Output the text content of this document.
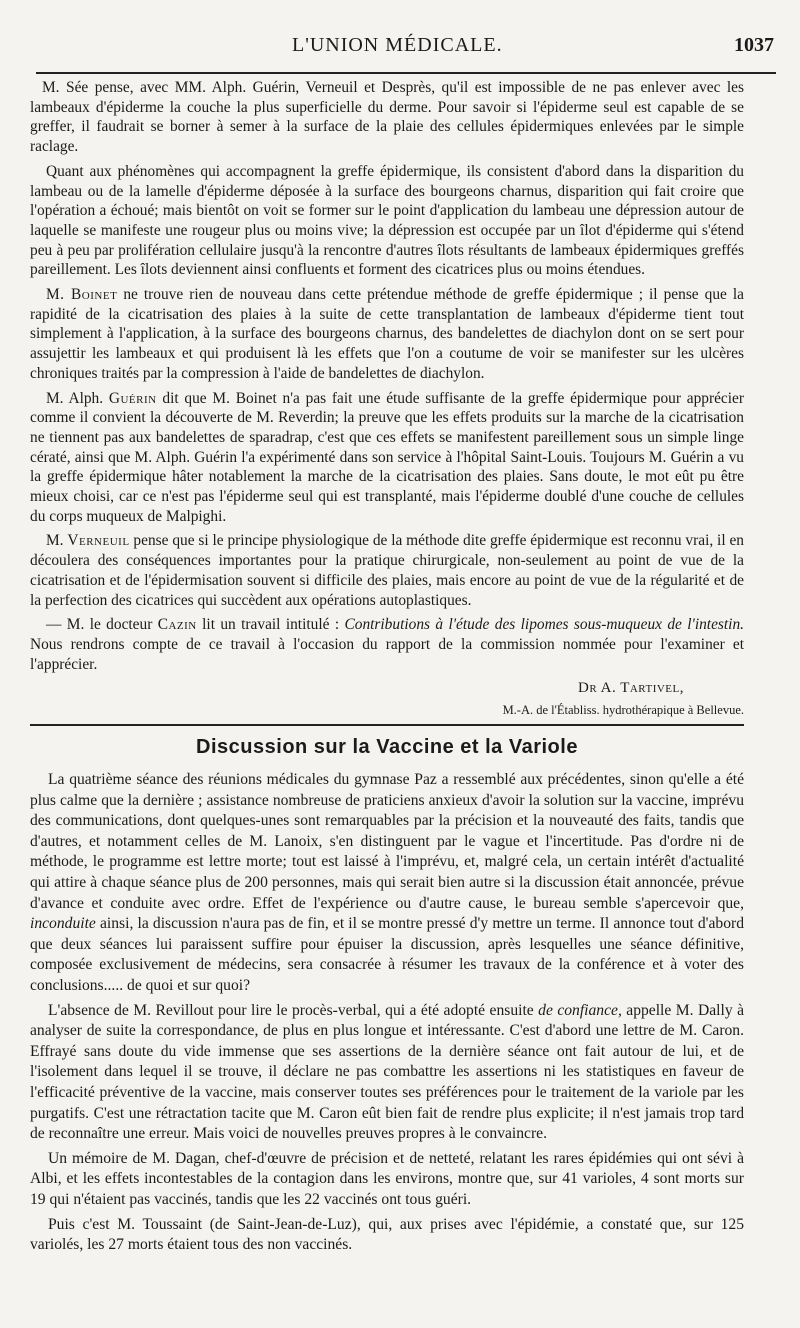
L'UNION MÉDICALE.	1037

M. Sée pense, avec MM. Alph. Guérin, Verneuil et Desprès, qu'il est impossible de ne pas enlever avec les lambeaux d'épiderme la couche la plus superficielle du derme. Pour savoir si l'épiderme seul est capable de se greffer, il faudrait se borner à semer à la surface de la plaie des cellules épidermiques enlevées par le simple raclage.

Quant aux phénomènes qui accompagnent la greffe épidermique, ils consistent d'abord dans la disparition du lambeau ou de la lamelle d'épiderme déposée à la surface des bourgeons charnus, disparition qui fait croire que l'opération a échoué; mais bientôt on voit se former sur le point d'application du lambeau une dépression autour de laquelle se manifeste une rougeur plus ou moins vive; la dépression est occupée par un îlot d'épiderme qui s'étend peu à peu par prolifération cellulaire jusqu'à la rencontre d'autres îlots résultants de lambeaux épidermiques greffés pareillement. Les îlots deviennent ainsi confluents et forment des cicatrices plus ou moins étendues.

M. Boinet ne trouve rien de nouveau dans cette prétendue méthode de greffe épidermique ; il pense que la rapidité de la cicatrisation des plaies à la suite de cette transplantation de lambeaux d'épiderme tient tout simplement à l'application, à la surface des bourgeons charnus, des bandelettes de diachylon dont on se sert pour assujettir les lambeaux et qui produisent là les effets que l'on a coutume de voir se manifester sur les ulcères chroniques traités par la compression à l'aide de bandelettes de diachylon.

M. Alph. Guérin dit que M. Boinet n'a pas fait une étude suffisante de la greffe épidermique pour apprécier comme il convient la découverte de M. Reverdin; la preuve que les effets produits sur la marche de la cicatrisation ne tiennent pas aux bandelettes de sparadrap, c'est que ces effets se manifestent pareillement sous un simple linge cératé, ainsi que M. Alph. Guérin l'a expérimenté dans son service à l'hôpital Saint-Louis. Toujours M. Guérin a vu la greffe épidermique hâter notablement la marche de la cicatrisation des plaies. Sans doute, le mot eût pu être mieux choisi, car ce n'est pas l'épiderme seul qui est transplanté, mais l'épiderme doublé d'une couche de cellules du corps muqueux de Malpighi.

M. Verneuil pense que si le principe physiologique de la méthode dite greffe épidermique est reconnu vrai, il en découlera des conséquences importantes pour la pratique chirurgicale, non-seulement au point de vue de la cicatrisation et de l'épidermisation souvent si difficile des plaies, mais encore au point de vue de la régularité et de la perfection des cicatrices qui succèdent aux opérations autoplastiques.

— M. le docteur Cazin lit un travail intitulé : Contributions à l'étude des lipomes sous-muqueux de l'intestin. Nous rendrons compte de ce travail à l'occasion du rapport de la commission nommée pour l'examiner et l'apprécier.

Dr A. Tartivel,

M.-A. de l'Établiss. hydrothérapique à Bellevue.

Discussion sur la Vaccine et la Variole

La quatrième séance des réunions médicales du gymnase Paz a ressemblé aux précédentes, sinon qu'elle a été plus calme que la dernière ; assistance nombreuse de praticiens anxieux d'avoir la solution sur la vaccine, imprévu des communications, dont quelques-unes sont remarquables par la précision et la nouveauté des faits, tandis que d'autres, et notamment celles de M. Lanoix, s'en distinguent par le vague et l'incertitude. Pas d'ordre ni de méthode, le programme est lettre morte; tout est laissé à l'imprévu, et, malgré cela, un certain intérêt d'actualité qui attire à chaque séance plus de 200 personnes, mais qui serait bien autre si la discussion était annoncée, prévue d'avance et conduite avec ordre. Effet de l'expérience ou d'autre cause, le bureau semble s'apercevoir que, inconduite ainsi, la discussion n'aura pas de fin, et il se montre pressé d'y mettre un terme. Il annonce tout d'abord que deux séances lui paraissent suffire pour épuiser la discussion, après lesquelles une séance définitive, composée exclusivement de médecins, sera consacrée à résumer les travaux de la conférence et à voter des conclusions..... de quoi et sur quoi?

L'absence de M. Revillout pour lire le procès-verbal, qui a été adopté ensuite de confiance, appelle M. Dally à analyser de suite la correspondance, de plus en plus longue et intéressante. C'est d'abord une lettre de M. Caron. Effrayé sans doute du vide immense que ses assertions de la dernière séance ont fait autour de lui, et de l'isolement dans lequel il se trouve, il déclare ne pas combattre les assertions ni les statistiques en faveur de l'efficacité préventive de la vaccine, mais conserver toutes ses préférences pour le traitement de la variole par les purgatifs. C'est une rétractation tacite que M. Caron eût bien fait de rendre plus explicite; il n'est jamais trop tard de reconnaître une erreur. Mais voici de nouvelles preuves propres à le convaincre.

Un mémoire de M. Dagan, chef-d'œuvre de précision et de netteté, relatant les rares épidémies qui ont sévi à Albi, et les effets incontestables de la contagion dans les environs, montre que, sur 41 varioles, 4 sont morts sur 19 qui n'étaient pas vaccinés, tandis que les 22 vaccinés ont tous guéri.

Puis c'est M. Toussaint (de Saint-Jean-de-Luz), qui, aux prises avec l'épidémie, a constaté que, sur 125 variolés, les 27 morts étaient tous des non vaccinés.
